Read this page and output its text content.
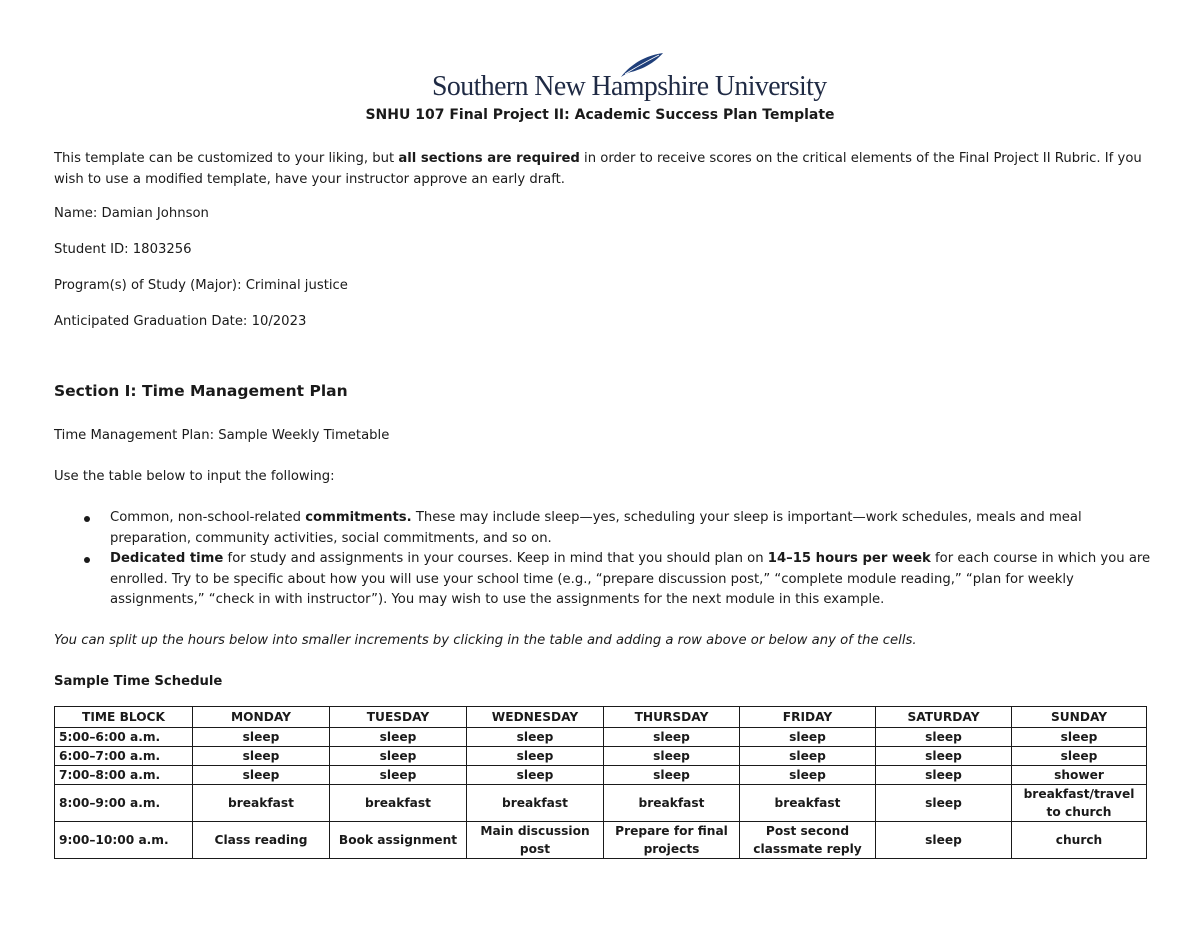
Southern New Hampshire University
SNHU 107 Final Project II: Academic Success Plan Template
This template can be customized to your liking, but all sections are required in order to receive scores on the critical elements of the Final Project II Rubric. If you wish to use a modified template, have your instructor approve an early draft.
Name: Damian Johnson
Student ID: 1803256
Program(s) of Study (Major): Criminal justice
Anticipated Graduation Date: 10/2023
Section I: Time Management Plan
Time Management Plan: Sample Weekly Timetable
Use the table below to input the following:
Common, non-school-related commitments. These may include sleep—yes, scheduling your sleep is important—work schedules, meals and meal preparation, community activities, social commitments, and so on.
Dedicated time for study and assignments in your courses. Keep in mind that you should plan on 14–15 hours per week for each course in which you are enrolled. Try to be specific about how you will use your school time (e.g., “prepare discussion post,” “complete module reading,” “plan for weekly assignments,” “check in with instructor”). You may wish to use the assignments for the next module in this example.
You can split up the hours below into smaller increments by clicking in the table and adding a row above or below any of the cells.
Sample Time Schedule
TIME BLOCK	MONDAY	TUESDAY	WEDNESDAY	THURSDAY	FRIDAY	SATURDAY	SUNDAY
5:00–6:00 a.m.	sleep	sleep	sleep	sleep	sleep	sleep	sleep
6:00–7:00 a.m.	sleep	sleep	sleep	sleep	sleep	sleep	sleep
7:00–8:00 a.m.	sleep	sleep	sleep	sleep	sleep	sleep	shower
8:00–9:00 a.m.	breakfast	breakfast	breakfast	breakfast	breakfast	sleep	breakfast/travel to church
9:00–10:00 a.m.	Class reading	Book assignment	Main discussion post	Prepare for final projects	Post second classmate reply	sleep	church
